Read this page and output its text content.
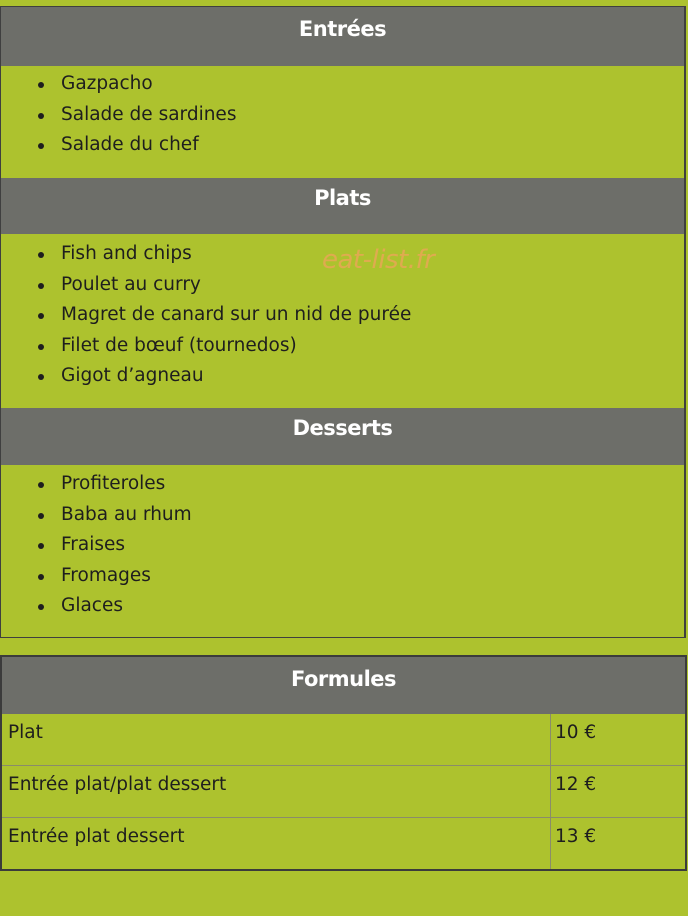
Entrées
Gazpacho
Salade de sardines
Salade du chef
Plats
Fish and chips
Poulet au curry
Magret de canard sur un nid de purée
Filet de bœuf (tournedos)
Gigot d’agneau
Desserts
Profiteroles
Baba au rhum
Fraises
Fromages
Glaces
eat-list.fr
Formules
Plat	10 €
Entrée plat/plat dessert	12 €
Entrée plat dessert	13 €
